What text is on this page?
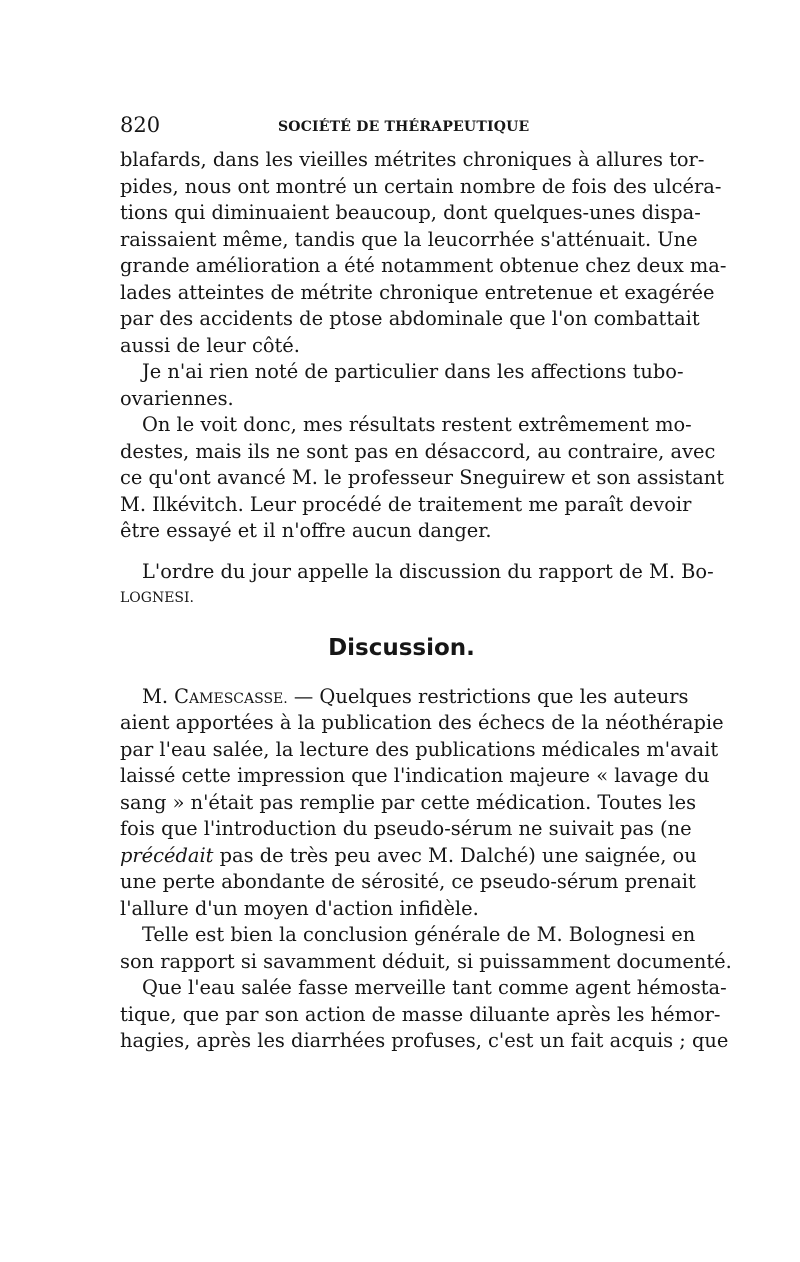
820	SOCIÉTÉ DE THÉRAPEUTIQUE
blafards, dans les vieilles métrites chroniques à allures tor-
pides, nous ont montré un certain nombre de fois des ulcéra-
tions qui diminuaient beaucoup, dont quelques-unes dispa-
raissaient même, tandis que la leucorrhée s'atténuait. Une
grande amélioration a été notamment obtenue chez deux ma-
lades atteintes de métrite chronique entretenue et exagérée
par des accidents de ptose abdominale que l'on combattait
aussi de leur côté.
Je n'ai rien noté de particulier dans les affections tubo-
ovariennes.
On le voit donc, mes résultats restent extrêmement mo-
destes, mais ils ne sont pas en désaccord, au contraire, avec
ce qu'ont avancé M. le professeur Sneguirew et son assistant
M. Ilkévitch. Leur procédé de traitement me paraît devoir
être essayé et il n'offre aucun danger.
L'ordre du jour appelle la discussion du rapport de M. Bo-
LOGNESI.
Discussion.
M. CAMESCASSE. — Quelques restrictions que les auteurs
aient apportées à la publication des échecs de la néothérapie
par l'eau salée, la lecture des publications médicales m'avait
laissé cette impression que l'indication majeure « lavage du
sang » n'était pas remplie par cette médication. Toutes les
fois que l'introduction du pseudo-sérum ne suivait pas (ne
précédait pas de très peu avec M. Dalché) une saignée, ou
une perte abondante de sérosité, ce pseudo-sérum prenait
l'allure d'un moyen d'action infidèle.
Telle est bien la conclusion générale de M. Bolognesi en
son rapport si savamment déduit, si puissamment documenté.
Que l'eau salée fasse merveille tant comme agent hémosta-
tique, que par son action de masse diluante après les hémor-
hagies, après les diarrhées profuses, c'est un fait acquis ; que
